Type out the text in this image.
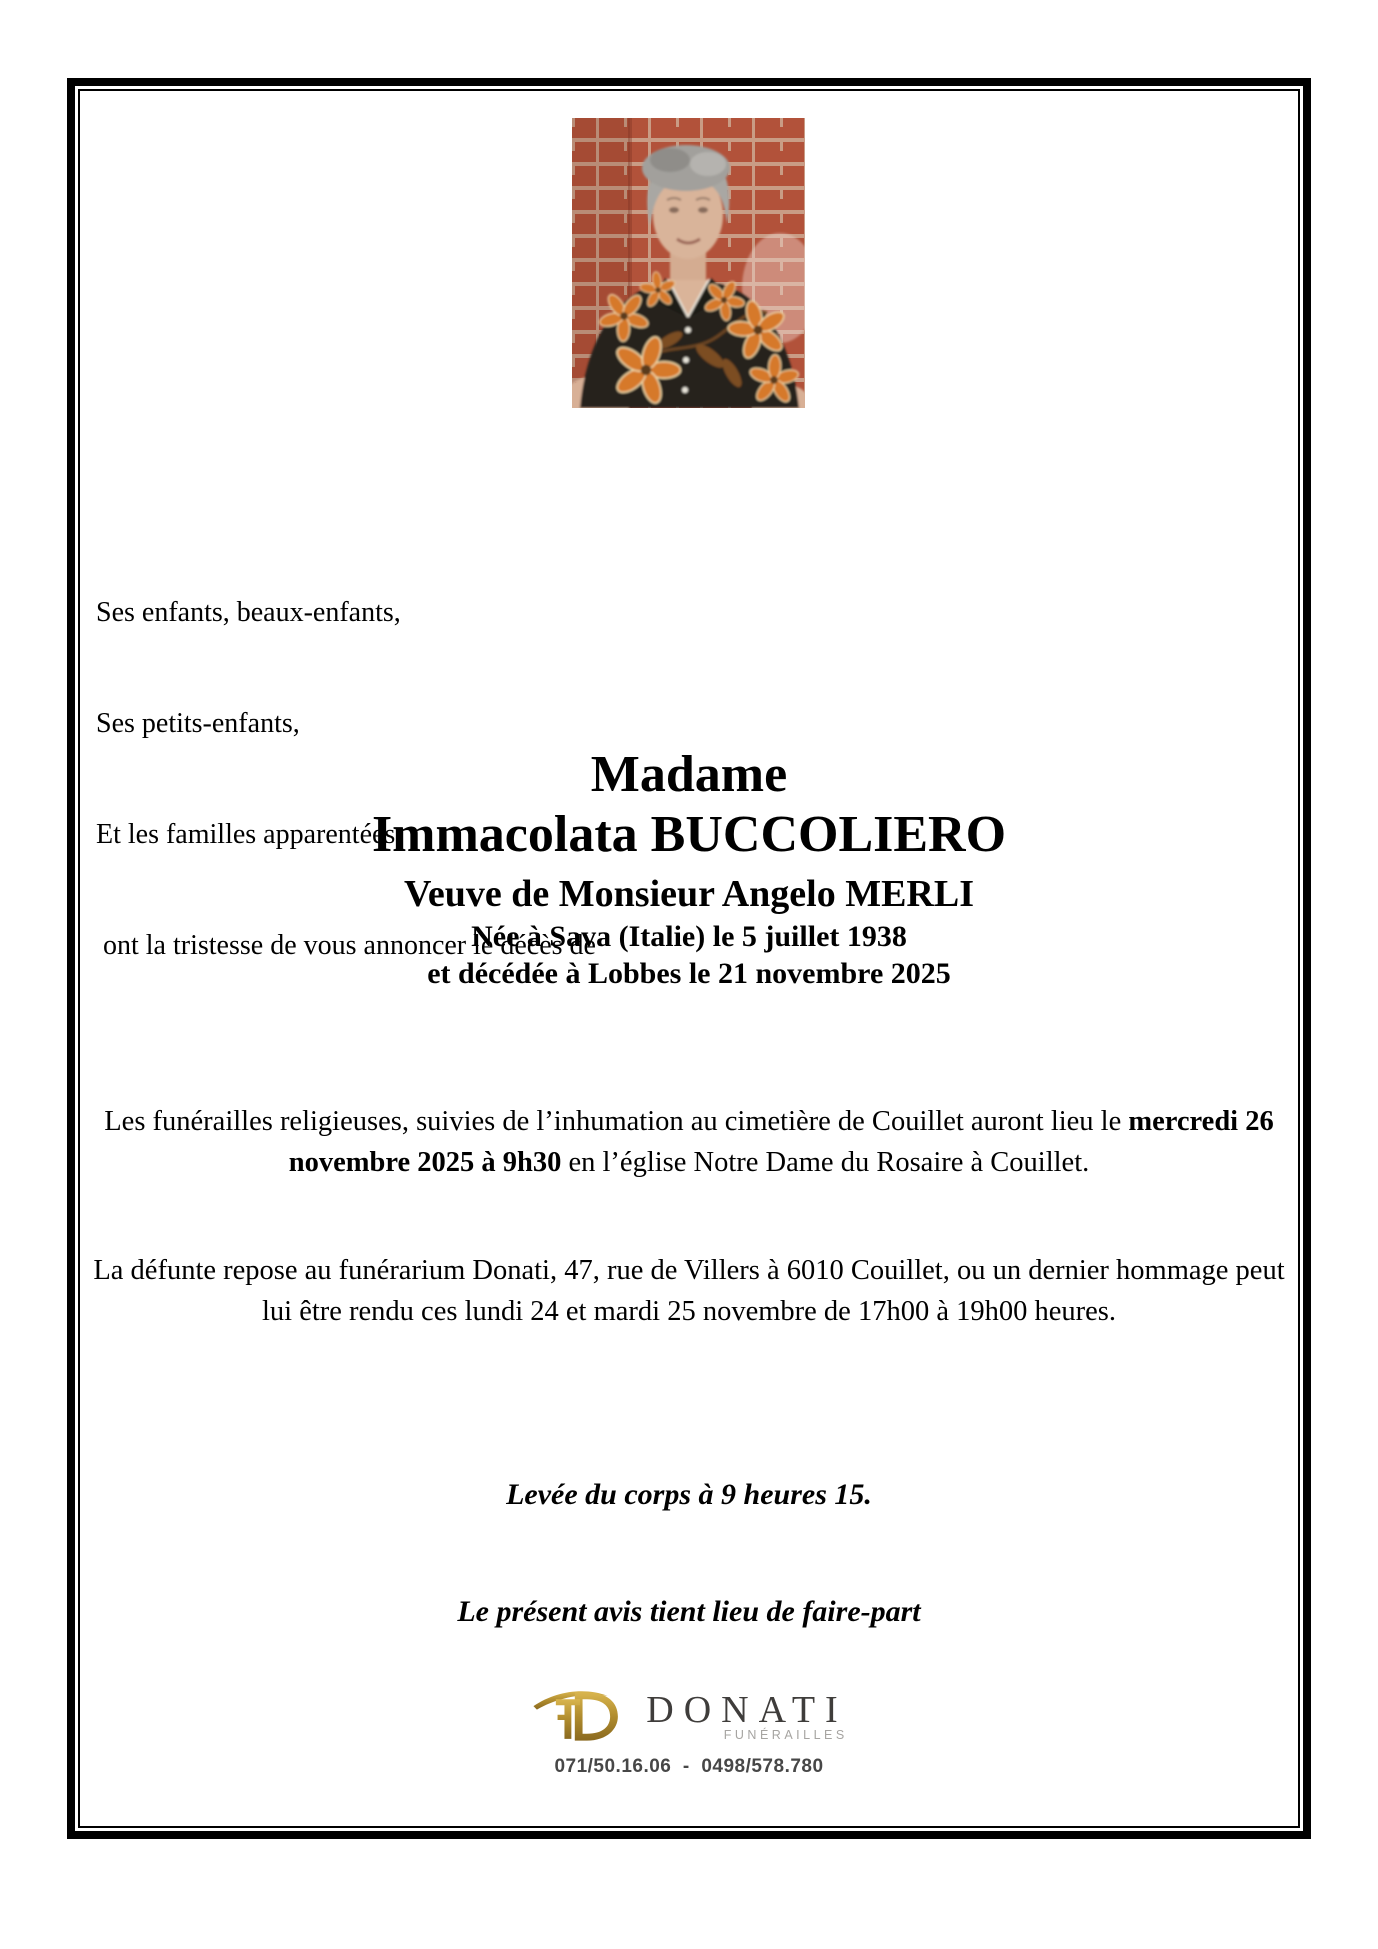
Ses enfants, beaux-enfants,

Ses petits-enfants,

Et les familles apparentées,

ont la tristesse de vous annoncer le décès de

Madame
Immacolata BUCCOLIERO
Veuve de Monsieur Angelo MERLI
Née à Sava (Italie) le 5 juillet 1938
et décédée à Lobbes le 21 novembre 2025
Les funérailles religieuses, suivies de l’inhumation au cimetière de Couillet auront lieu le mercredi 26 novembre 2025 à 9h30 en l’église Notre Dame du Rosaire à Couillet.
La défunte repose au funérarium Donati, 47, rue de Villers à 6010 Couillet, ou un dernier hommage peut lui être rendu ces lundi 24 et mardi 25 novembre de 17h00 à 19h00 heures.
Levée du corps à 9 heures 15.
Le présent avis tient lieu de faire-part
DONATI
FUNÉRAILLES
071/50.16.06  -  0498/578.780
